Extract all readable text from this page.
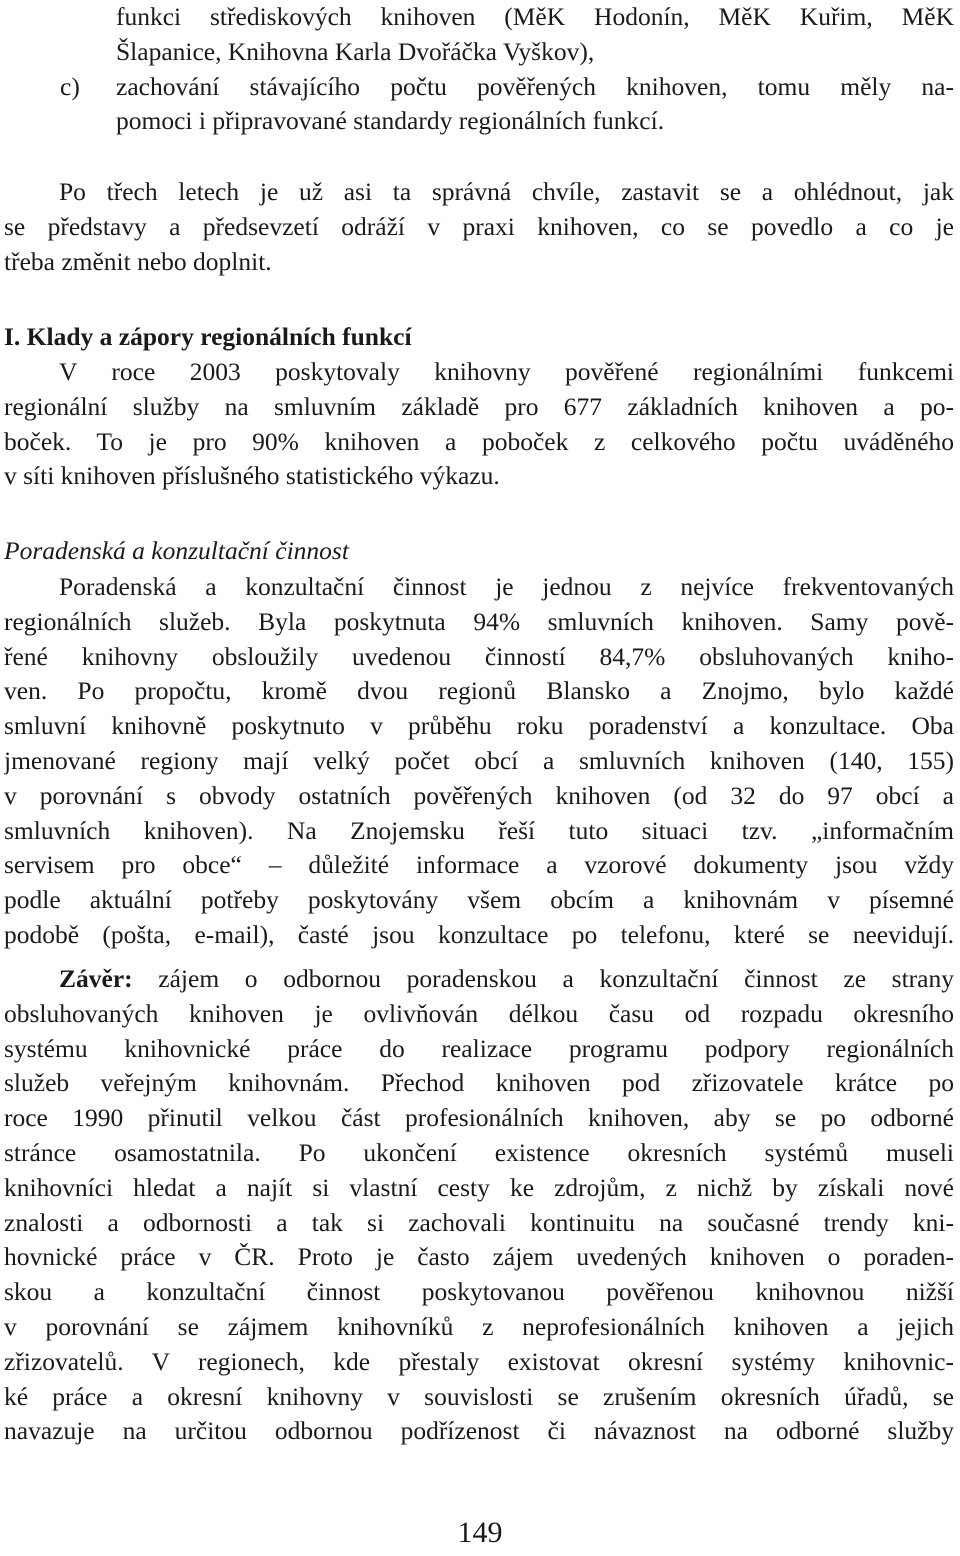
funkci střediskových knihoven (MěK Hodonín, MěK Kuřim, MěK
Šlapanice, Knihovna Karla Dvořáčka Vyškov),
c)	zachování stávajícího počtu pověřených knihoven, tomu měly na-
pomoci i připravované standardy regionálních funkcí.
Po třech letech je už asi ta správná chvíle, zastavit se a ohlédnout, jak
se představy a předsevzetí odráží v praxi knihoven, co se povedlo a co je
třeba změnit nebo doplnit.
I. Klady a zápory regionálních funkcí
V roce 2003 poskytovaly knihovny pověřené regionálními funkcemi
regionální služby na smluvním základě pro 677 základních knihoven a po-
boček. To je pro 90% knihoven a poboček z celkového počtu uváděného
v síti knihoven příslušného statistického výkazu.
Poradenská a konzultační činnost
Poradenská a konzultační činnost je jednou z nejvíce frekventovaných
regionálních služeb. Byla poskytnuta 94% smluvních knihoven. Samy pově-
řené knihovny obsloužily uvedenou činností 84,7% obsluhovaných kniho-
ven. Po propočtu, kromě dvou regionů Blansko a Znojmo, bylo každé
smluvní knihovně poskytnuto v průběhu roku poradenství a konzultace. Oba
jmenované regiony mají velký počet obcí a smluvních knihoven (140, 155)
v porovnání s obvody ostatních pověřených knihoven (od 32 do 97 obcí a
smluvních knihoven). Na Znojemsku řeší tuto situaci tzv. „informačním
servisem pro obce“ – důležité informace a vzorové dokumenty jsou vždy
podle aktuální potřeby poskytovány všem obcím a knihovnám v písemné
podobě (pošta, e-mail), časté jsou konzultace po telefonu, které se neevidují.
Závěr: zájem o odbornou poradenskou a konzultační činnost ze strany
obsluhovaných knihoven je ovlivňován délkou času od rozpadu okresního
systému knihovnické práce do realizace programu podpory regionálních
služeb veřejným knihovnám. Přechod knihoven pod zřizovatele krátce po
roce 1990 přinutil velkou část profesionálních knihoven, aby se po odborné
stránce osamostatnila. Po ukončení existence okresních systémů museli
knihovníci hledat a najít si vlastní cesty ke zdrojům, z nichž by získali nové
znalosti a odbornosti a tak si zachovali kontinuitu na současné trendy kni-
hovnické práce v ČR. Proto je často zájem uvedených knihoven o poraden-
skou a konzultační činnost poskytovanou pověřenou knihovnou nižší
v porovnání se zájmem knihovníků z neprofesionálních knihoven a jejich
zřizovatelů. V regionech, kde přestaly existovat okresní systémy knihovnic-
ké práce a okresní knihovny v souvislosti se zrušením okresních úřadů, se
navazuje na určitou odbornou podřízenost či návaznost na odborné služby
149
